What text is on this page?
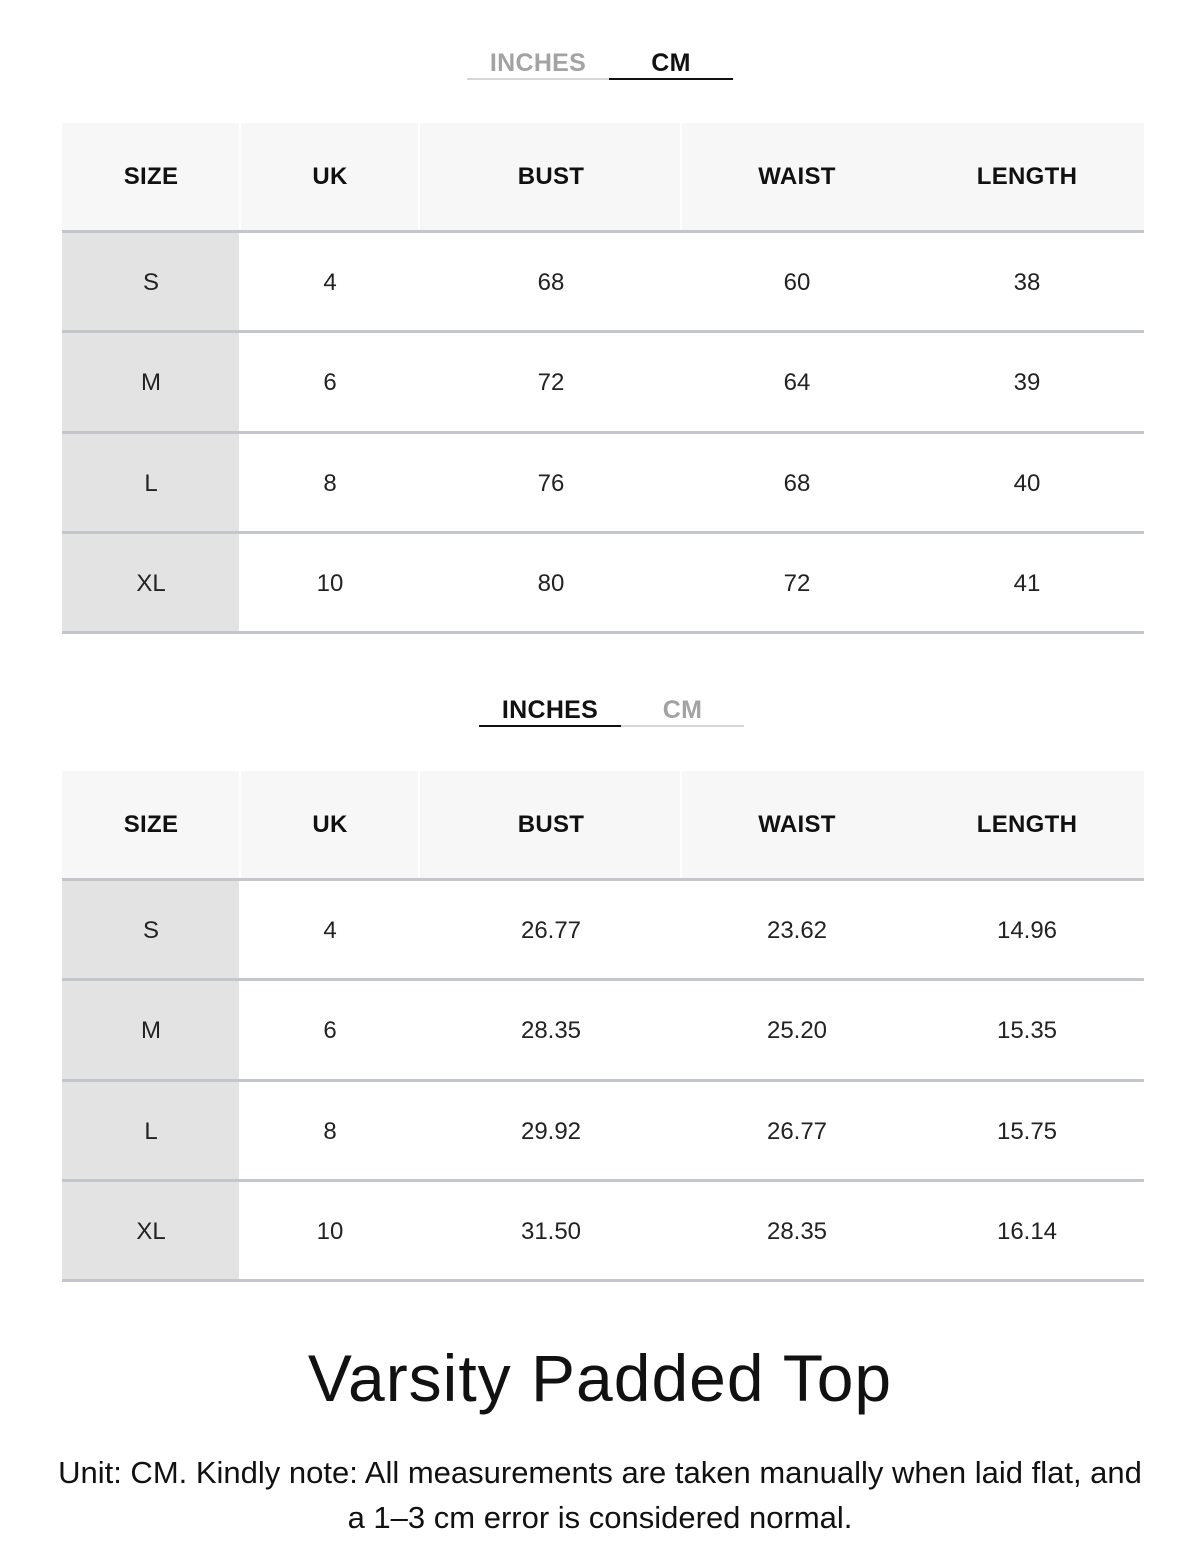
INCHES	CM
SIZE	UK	BUST	WAIST	LENGTH
S	4	68	60	38
M	6	72	64	39
L	8	76	68	40
XL	10	80	72	41
INCHES	CM
SIZE	UK	BUST	WAIST	LENGTH
S	4	26.77	23.62	14.96
M	6	28.35	25.20	15.35
L	8	29.92	26.77	15.75
XL	10	31.50	28.35	16.14
Varsity Padded Top
Unit: CM. Kindly note: All measurements are taken manually when laid flat, and a 1–3 cm error is considered normal.
